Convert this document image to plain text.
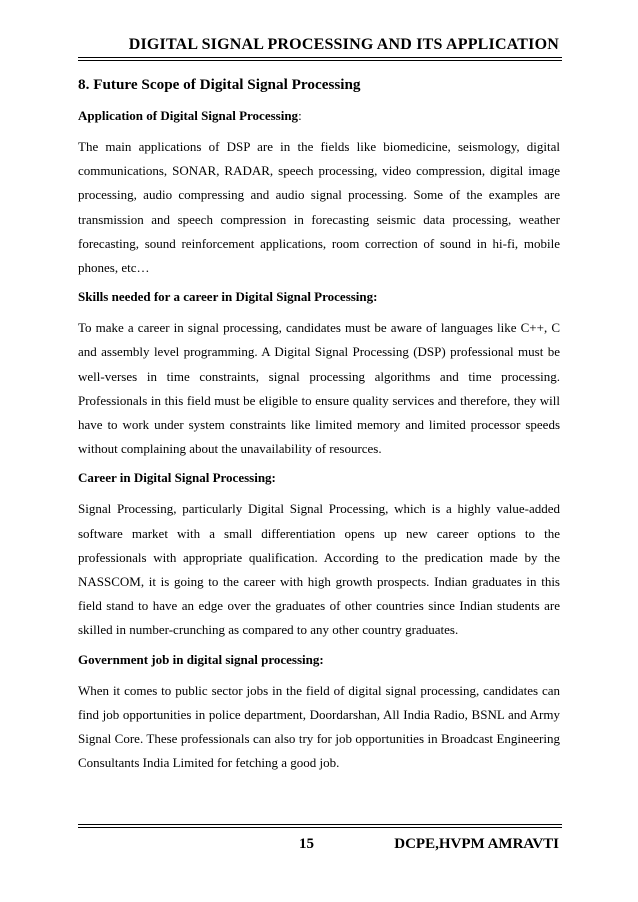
DIGITAL SIGNAL PROCESSING AND ITS APPLICATION
8. Future Scope of Digital Signal Processing
Application of Digital Signal Processing:

The main applications of DSP are in the fields like biomedicine, seismology, digital communications, SONAR, RADAR, speech processing, video compression, digital image processing, audio compressing and audio signal processing. Some of the examples are transmission and speech compression in forecasting seismic data processing, weather forecasting, sound reinforcement applications, room correction of sound in hi-fi, mobile phones, etc…

Skills needed for a career in Digital Signal Processing:

To make a career in signal processing, candidates must be aware of languages like C++, C and assembly level programming. A Digital Signal Processing (DSP) professional must be well-verses in time constraints, signal processing algorithms and time processing. Professionals in this field must be eligible to ensure quality services and therefore, they will have to work under system constraints like limited memory and limited processor speeds without complaining about the unavailability of resources.

Career in Digital Signal Processing:

Signal Processing, particularly Digital Signal Processing, which is a highly value-added software market with a small differentiation opens up new career options to the professionals with appropriate qualification. According to the predication made by the NASSCOM, it is going to the career with high growth prospects. Indian graduates in this field stand to have an edge over the graduates of other countries since Indian students are skilled in number-crunching as compared to any other country graduates.

Government job in digital signal processing:

When it comes to public sector jobs in the field of digital signal processing, candidates can find job opportunities in police department, Doordarshan, All India Radio, BSNL and Army Signal Core. These professionals can also try for job opportunities in Broadcast Engineering Consultants India Limited for fetching a good job.

15	DCPE,HVPM AMRAVTI
